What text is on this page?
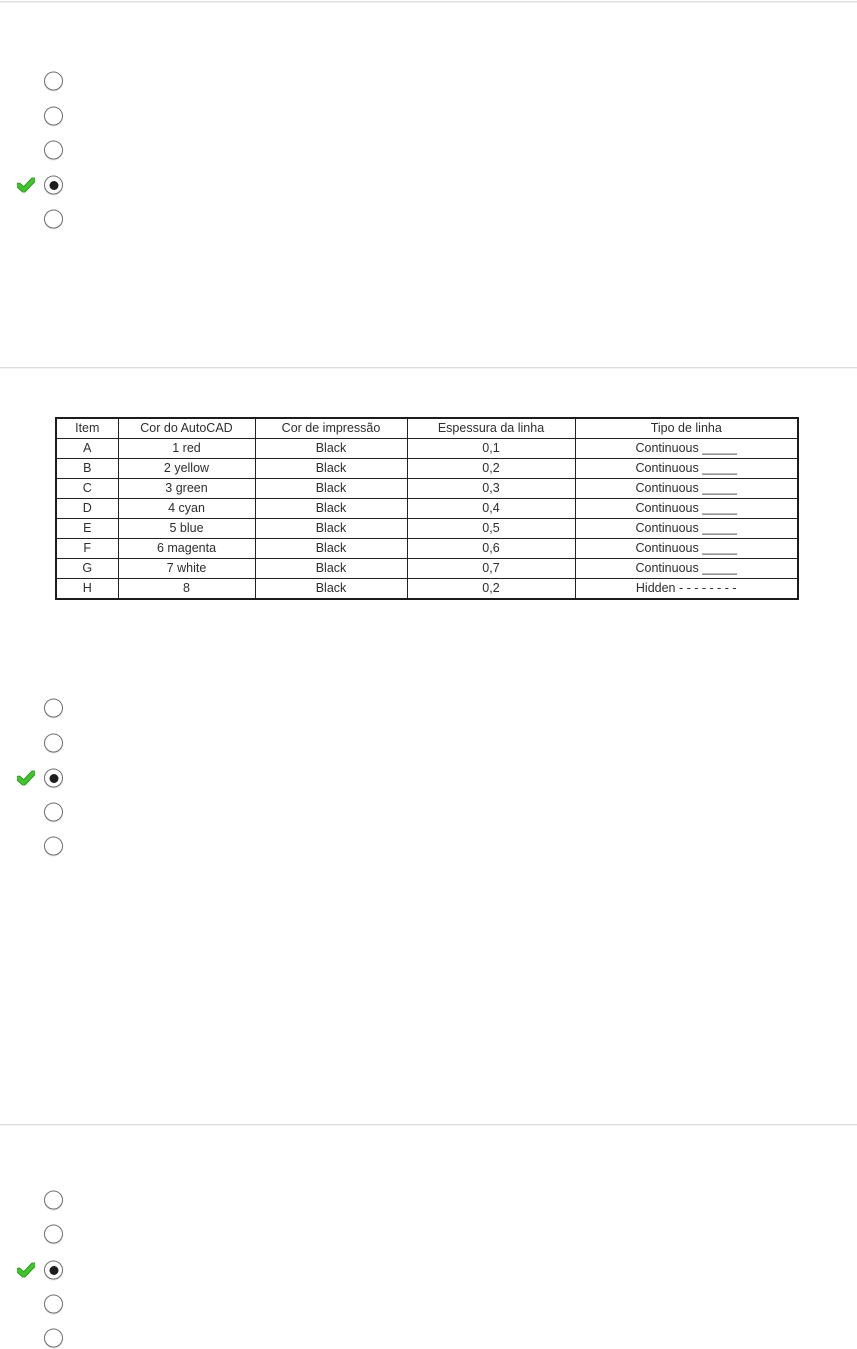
Item	Cor do AutoCAD	Cor de impressão	Espessura da linha	Tipo de linha
A	1 red	Black	0,1	Continuous _____
B	2 yellow	Black	0,2	Continuous _____
C	3 green	Black	0,3	Continuous _____
D	4 cyan	Black	0,4	Continuous _____
E	5 blue	Black	0,5	Continuous _____
F	6 magenta	Black	0,6	Continuous _____
G	7 white	Black	0,7	Continuous _____
H	8	Black	0,2	Hidden - - - - - - - -
